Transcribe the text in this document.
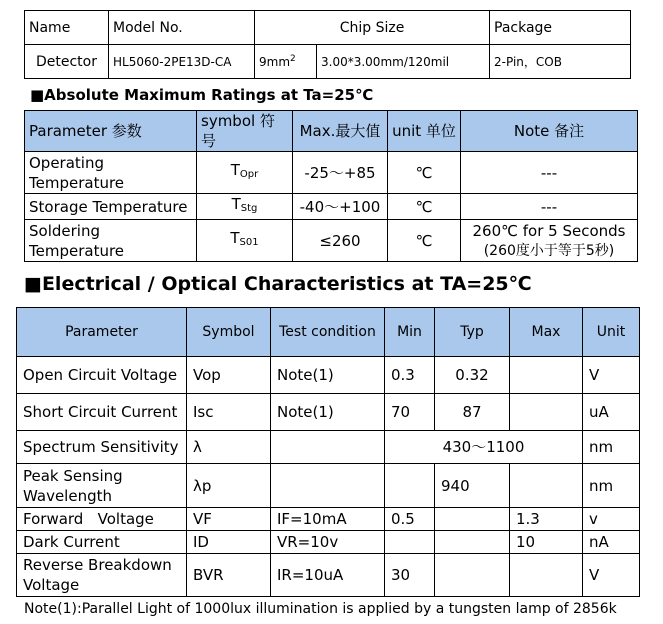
Name	Model No.	Chip Size		Package
Detector	HL5060-2PE13D-CA	$9mm^2$	3.00*3.00mm/120mil	2-Pin，COB
■Absolute Maximum Ratings at Ta=25℃
Parameter 参数	symbol 符号	Max.最大值	unit 单位	Note 备注
Operating Temperature	$T_{Opr}$	-25～+85	℃	---
Storage Temperature	$T_{Stg}$	-40～+100	℃	---
Soldering Temperature	$T_{S01}$	≤260	℃	260℃ for 5 Seconds
(260度小于等于5秒)
■Electrical / Optical Characteristics at TA=25℃
Parameter	Symbol	Test condition	Min	Typ	Max	Unit
Open Circuit Voltage	Vop	Note(1)	0.3	0.32		V
Short Circuit Current	Isc	Note(1)	70	87		uA
Spectrum Sensitivity	λ		430～1100			nm
Peak Sensing Wavelength	λp			940		nm
Forward   Voltage	VF	IF=10mA	0.5		1.3	v
Dark Current	ID	VR=10v			10	nA
Reverse Breakdown Voltage	BVR	IR=10uA	30			V
Note(1):Parallel Light of 1000lux illumination is applied by a tungsten lamp of 2856k
